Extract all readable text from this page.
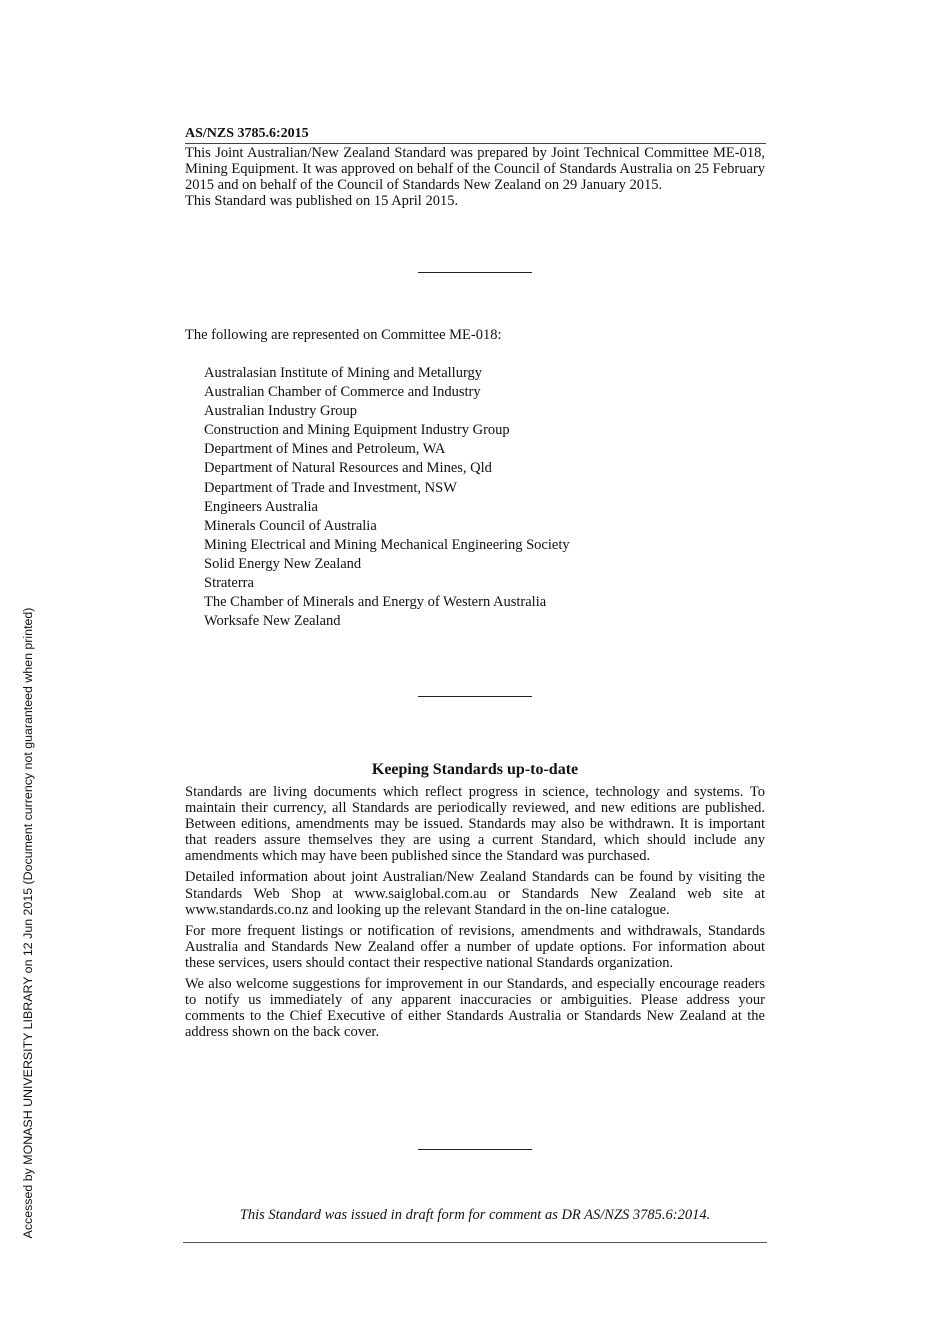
Accessed by MONASH UNIVERSITY LIBRARY on 12 Jun 2015 (Document currency not guaranteed when printed)
AS/NZS 3785.6:2015

This Joint Australian/New Zealand Standard was prepared by Joint Technical Committee ME-018, Mining Equipment. It was approved on behalf of the Council of Standards Australia on 25 February 2015 and on behalf of the Council of Standards New Zealand on 29 January 2015.

This Standard was published on 15 April 2015.

The following are represented on Committee ME-018:

Australasian Institute of Mining and Metallurgy
Australian Chamber of Commerce and Industry
Australian Industry Group
Construction and Mining Equipment Industry Group
Department of Mines and Petroleum, WA
Department of Natural Resources and Mines, Qld
Department of Trade and Investment, NSW
Engineers Australia
Minerals Council of Australia
Mining Electrical and Mining Mechanical Engineering Society
Solid Energy New Zealand
Straterra
The Chamber of Minerals and Energy of Western Australia
Worksafe New Zealand
Keeping Standards up-to-date

Standards are living documents which reflect progress in science, technology and systems. To maintain their currency, all Standards are periodically reviewed, and new editions are published. Between editions, amendments may be issued. Standards may also be withdrawn. It is important that readers assure themselves they are using a current Standard, which should include any amendments which may have been published since the Standard was purchased.

Detailed information about joint Australian/New Zealand Standards can be found by visiting the Standards Web Shop at www.saiglobal.com.au or Standards New Zealand web site at www.standards.co.nz and looking up the relevant Standard in the on-line catalogue.

For more frequent listings or notification of revisions, amendments and withdrawals, Standards Australia and Standards New Zealand offer a number of update options. For information about these services, users should contact their respective national Standards organization.

We also welcome suggestions for improvement in our Standards, and especially encourage readers to notify us immediately of any apparent inaccuracies or ambiguities. Please address your comments to the Chief Executive of either Standards Australia or Standards New Zealand at the address shown on the back cover.

This Standard was issued in draft form for comment as DR AS/NZS 3785.6:2014.
